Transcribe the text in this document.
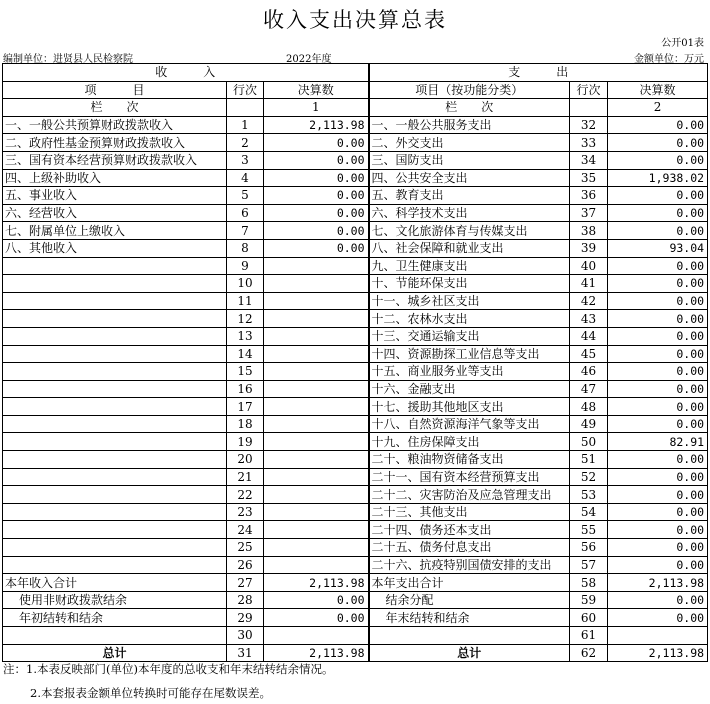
收入支出决算总表
公开01表
编制单位：进贤县人民检察院	2022年度	金额单位：万元
收　　　入			支　　　出		
项　　　目	行次	决算数	项目（按功能分类）	行次	决算数
栏　　次		1	栏　　次		2
一、一般公共预算财政拨款收入	1	2,113.98	一、一般公共服务支出	32	0.00
二、政府性基金预算财政拨款收入	2	0.00	二、外交支出	33	0.00
三、国有资本经营预算财政拨款收入	3	0.00	三、国防支出	34	0.00
四、上级补助收入	4	0.00	四、公共安全支出	35	1,938.02
五、事业收入	5	0.00	五、教育支出	36	0.00
六、经营收入	6	0.00	六、科学技术支出	37	0.00
七、附属单位上缴收入	7	0.00	七、文化旅游体育与传媒支出	38	0.00
八、其他收入	8	0.00	八、社会保障和就业支出	39	93.04
	9		九、卫生健康支出	40	0.00
	10		十、节能环保支出	41	0.00
	11		十一、城乡社区支出	42	0.00
	12		十二、农林水支出	43	0.00
	13		十三、交通运输支出	44	0.00
	14		十四、资源勘探工业信息等支出	45	0.00
	15		十五、商业服务业等支出	46	0.00
	16		十六、金融支出	47	0.00
	17		十七、援助其他地区支出	48	0.00
	18		十八、自然资源海洋气象等支出	49	0.00
	19		十九、住房保障支出	50	82.91
	20		二十、粮油物资储备支出	51	0.00
	21		二十一、国有资本经营预算支出	52	0.00
	22		二十二、灾害防治及应急管理支出	53	0.00
	23		二十三、其他支出	54	0.00
	24		二十四、债务还本支出	55	0.00
	25		二十五、债务付息支出	56	0.00
	26		二十六、抗疫特别国债安排的支出	57	0.00
本年收入合计	27	2,113.98	本年支出合计	58	2,113.98
使用非财政拨款结余	28	0.00	结余分配	59	0.00
年初结转和结余	29	0.00	年末结转和结余	60	0.00
	30			61	
总计	31	2,113.98	总计	62	2,113.98
注：1.本表反映部门(单位)本年度的总收支和年末结转结余情况。
2.本套报表金额单位转换时可能存在尾数误差。
